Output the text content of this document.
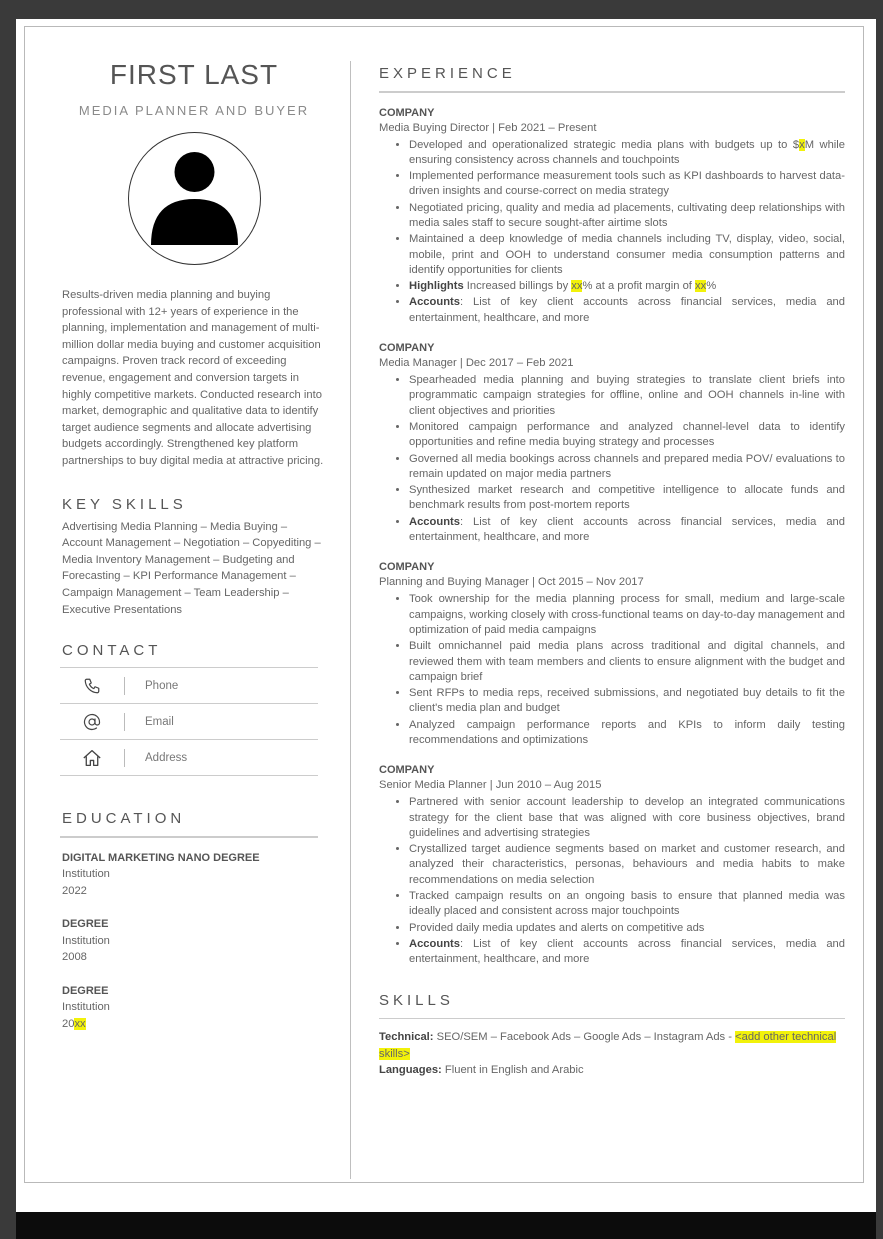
FIRST LAST
MEDIA PLANNER AND BUYER
Results-driven media planning and buying professional with 12+ years of experience in the planning, implementation and management of multi-million dollar media buying and customer acquisition campaigns. Proven track record of exceeding revenue, engagement and conversion targets in highly competitive markets. Conducted research into market, demographic and qualitative data to identify target audience segments and allocate advertising budgets accordingly. Strengthened key platform partnerships to buy digital media at attractive pricing.
KEY SKILLS
Advertising Media Planning – Media Buying – Account Management – Negotiation – Copyediting – Media Inventory Management – Budgeting and Forecasting – KPI Performance Management – Campaign Management – Team Leadership – Executive Presentations
CONTACT
Phone
Email
Address
EDUCATION
DIGITAL MARKETING NANO DEGREE
Institution
2022
DEGREE
Institution
2008
DEGREE
Institution
20xx
EXPERIENCE
COMPANY
Media Buying Director | Feb 2021 – Present
• Developed and operationalized strategic media plans with budgets up to $xM while ensuring consistency across channels and touchpoints
• Implemented performance measurement tools such as KPI dashboards to harvest data-driven insights and course-correct on media strategy
• Negotiated pricing, quality and media ad placements, cultivating deep relationships with media sales staff to secure sought-after airtime slots
• Maintained a deep knowledge of media channels including TV, display, video, social, mobile, print and OOH to understand consumer media consumption patterns and identify opportunities for clients
• Highlights Increased billings by xx% at a profit margin of xx%
• Accounts: List of key client accounts across financial services, media and entertainment, healthcare, and more
COMPANY
Media Manager | Dec 2017 – Feb 2021
• Spearheaded media planning and buying strategies to translate client briefs into programmatic campaign strategies for offline, online and OOH channels in-line with client objectives and priorities
• Monitored campaign performance and analyzed channel-level data to identify opportunities and refine media buying strategy and processes
• Governed all media bookings across channels and prepared media POV/ evaluations to remain updated on major media partners
• Synthesized market research and competitive intelligence to allocate funds and benchmark results from post-mortem reports
• Accounts: List of key client accounts across financial services, media and entertainment, healthcare, and more
COMPANY
Planning and Buying Manager | Oct 2015 – Nov 2017
• Took ownership for the media planning process for small, medium and large-scale campaigns, working closely with cross-functional teams on day-to-day management and optimization of paid media campaigns
• Built omnichannel paid media plans across traditional and digital channels, and reviewed them with team members and clients to ensure alignment with the budget and campaign brief
• Sent RFPs to media reps, received submissions, and negotiated buy details to fit the client's media plan and budget
• Analyzed campaign performance reports and KPIs to inform daily testing recommendations and optimizations
COMPANY
Senior Media Planner | Jun 2010 – Aug 2015
• Partnered with senior account leadership to develop an integrated communications strategy for the client base that was aligned with core business objectives, brand guidelines and advertising strategies
• Crystallized target audience segments based on market and customer research, and analyzed their characteristics, personas, behaviours and media habits to make recommendations on media selection
• Tracked campaign results on an ongoing basis to ensure that planned media was ideally placed and consistent across major touchpoints
• Provided daily media updates and alerts on competitive ads
• Accounts: List of key client accounts across financial services, media and entertainment, healthcare, and more
SKILLS
Technical: SEO/SEM – Facebook Ads – Google Ads – Instagram Ads - <add other technical skills>
Languages: Fluent in English and Arabic
